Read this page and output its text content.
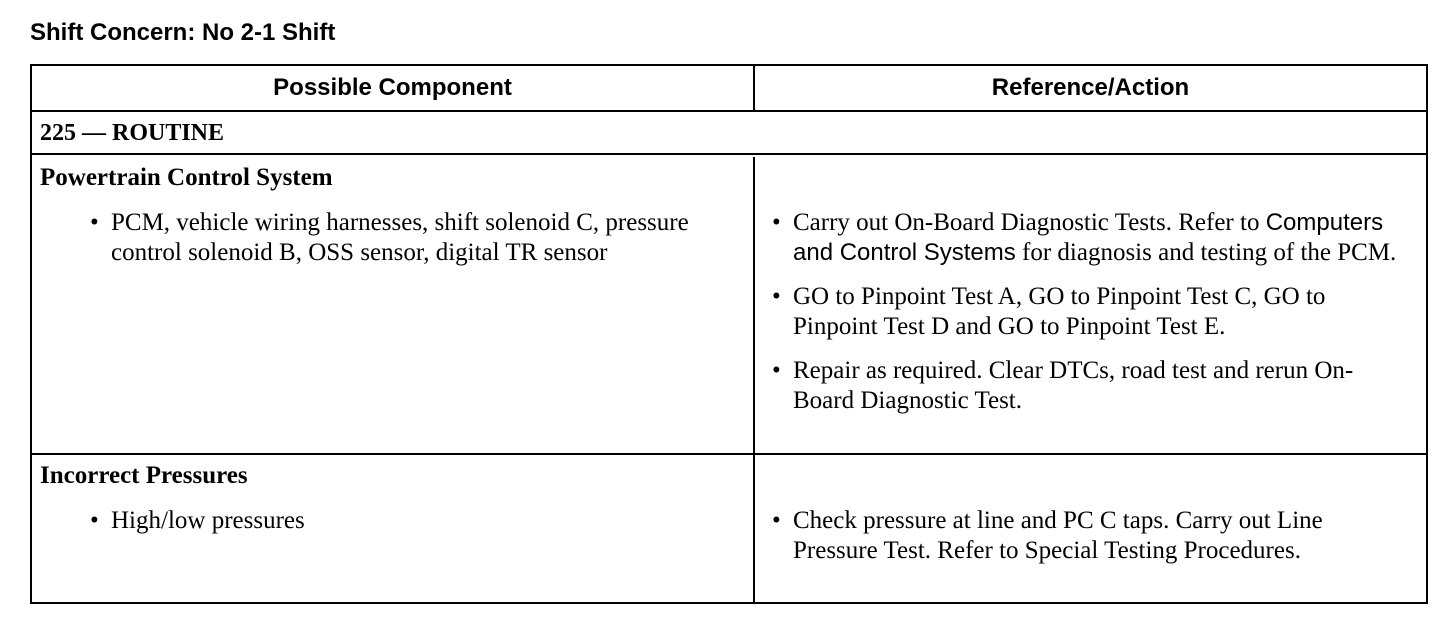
Shift Concern: No 2-1 Shift
Possible Component	Reference/Action
225 — ROUTINE
Powertrain Control System
• PCM, vehicle wiring harnesses, shift solenoid C, pressure control solenoid B, OSS sensor, digital TR sensor
• Carry out On-Board Diagnostic Tests. Refer to Computers and Control Systems for diagnosis and testing of the PCM.
• GO to Pinpoint Test A, GO to Pinpoint Test C, GO to Pinpoint Test D and GO to Pinpoint Test E.
• Repair as required. Clear DTCs, road test and rerun On-Board Diagnostic Test.
Incorrect Pressures
• High/low pressures	• Check pressure at line and PC C taps. Carry out Line Pressure Test. Refer to Special Testing Procedures.
